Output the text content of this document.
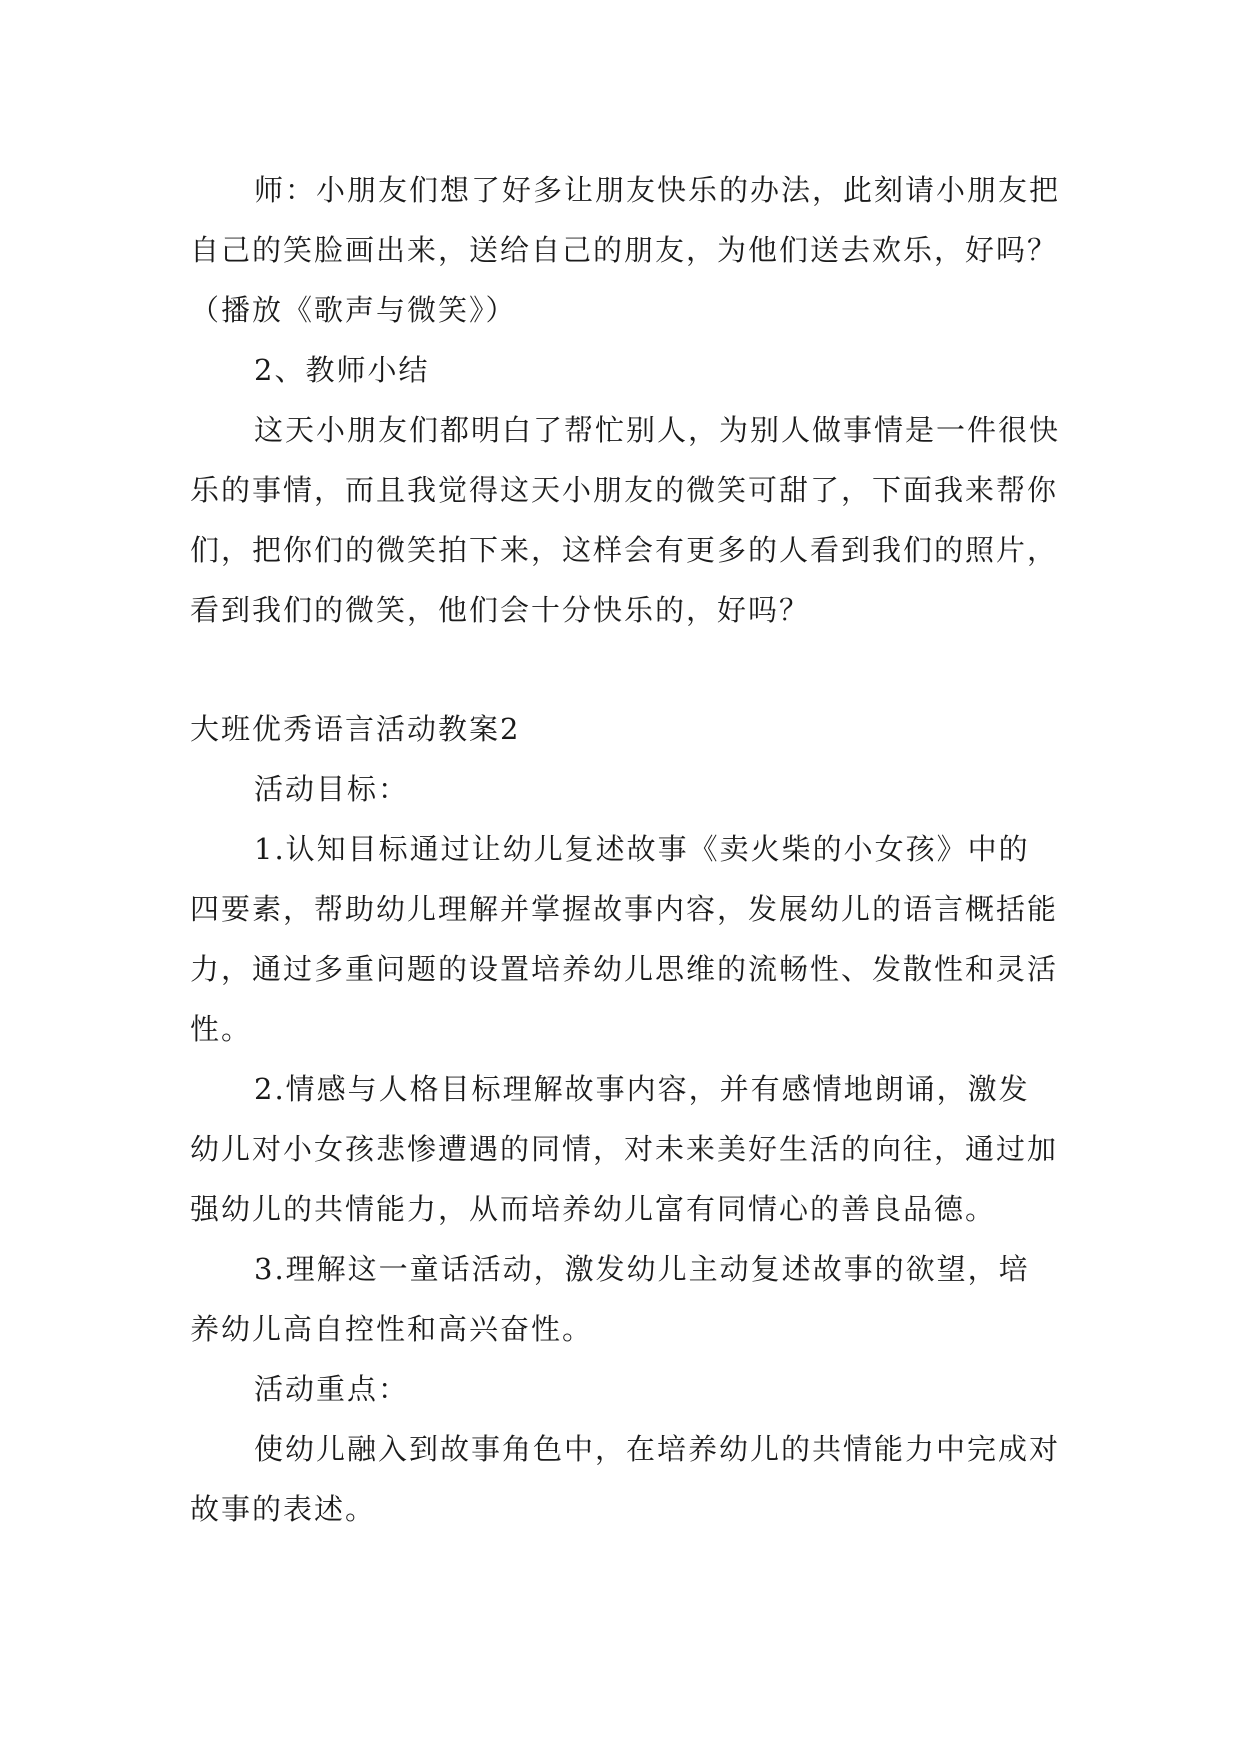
师：小朋友们想了好多让朋友快乐的办法，此刻请小朋友把自己的笑脸画出来，送给自己的朋友，为他们送去欢乐，好吗？（播放《歌声与微笑》）

2、教师小结

这天小朋友们都明白了帮忙别人，为别人做事情是一件很快乐的事情，而且我觉得这天小朋友的微笑可甜了，下面我来帮你们，把你们的微笑拍下来，这样会有更多的人看到我们的照片，看到我们的微笑，他们会十分快乐的，好吗？

大班优秀语言活动教案2

活动目标：

1.认知目标通过让幼儿复述故事《卖火柴的小女孩》中的四要素，帮助幼儿理解并掌握故事内容，发展幼儿的语言概括能力，通过多重问题的设置培养幼儿思维的流畅性、发散性和灵活性。

2.情感与人格目标理解故事内容，并有感情地朗诵，激发幼儿对小女孩悲惨遭遇的同情，对未来美好生活的向往，通过加强幼儿的共情能力，从而培养幼儿富有同情心的善良品德。

3.理解这一童话活动，激发幼儿主动复述故事的欲望，培养幼儿高自控性和高兴奋性。

活动重点：

使幼儿融入到故事角色中，在培养幼儿的共情能力中完成对故事的表述。
